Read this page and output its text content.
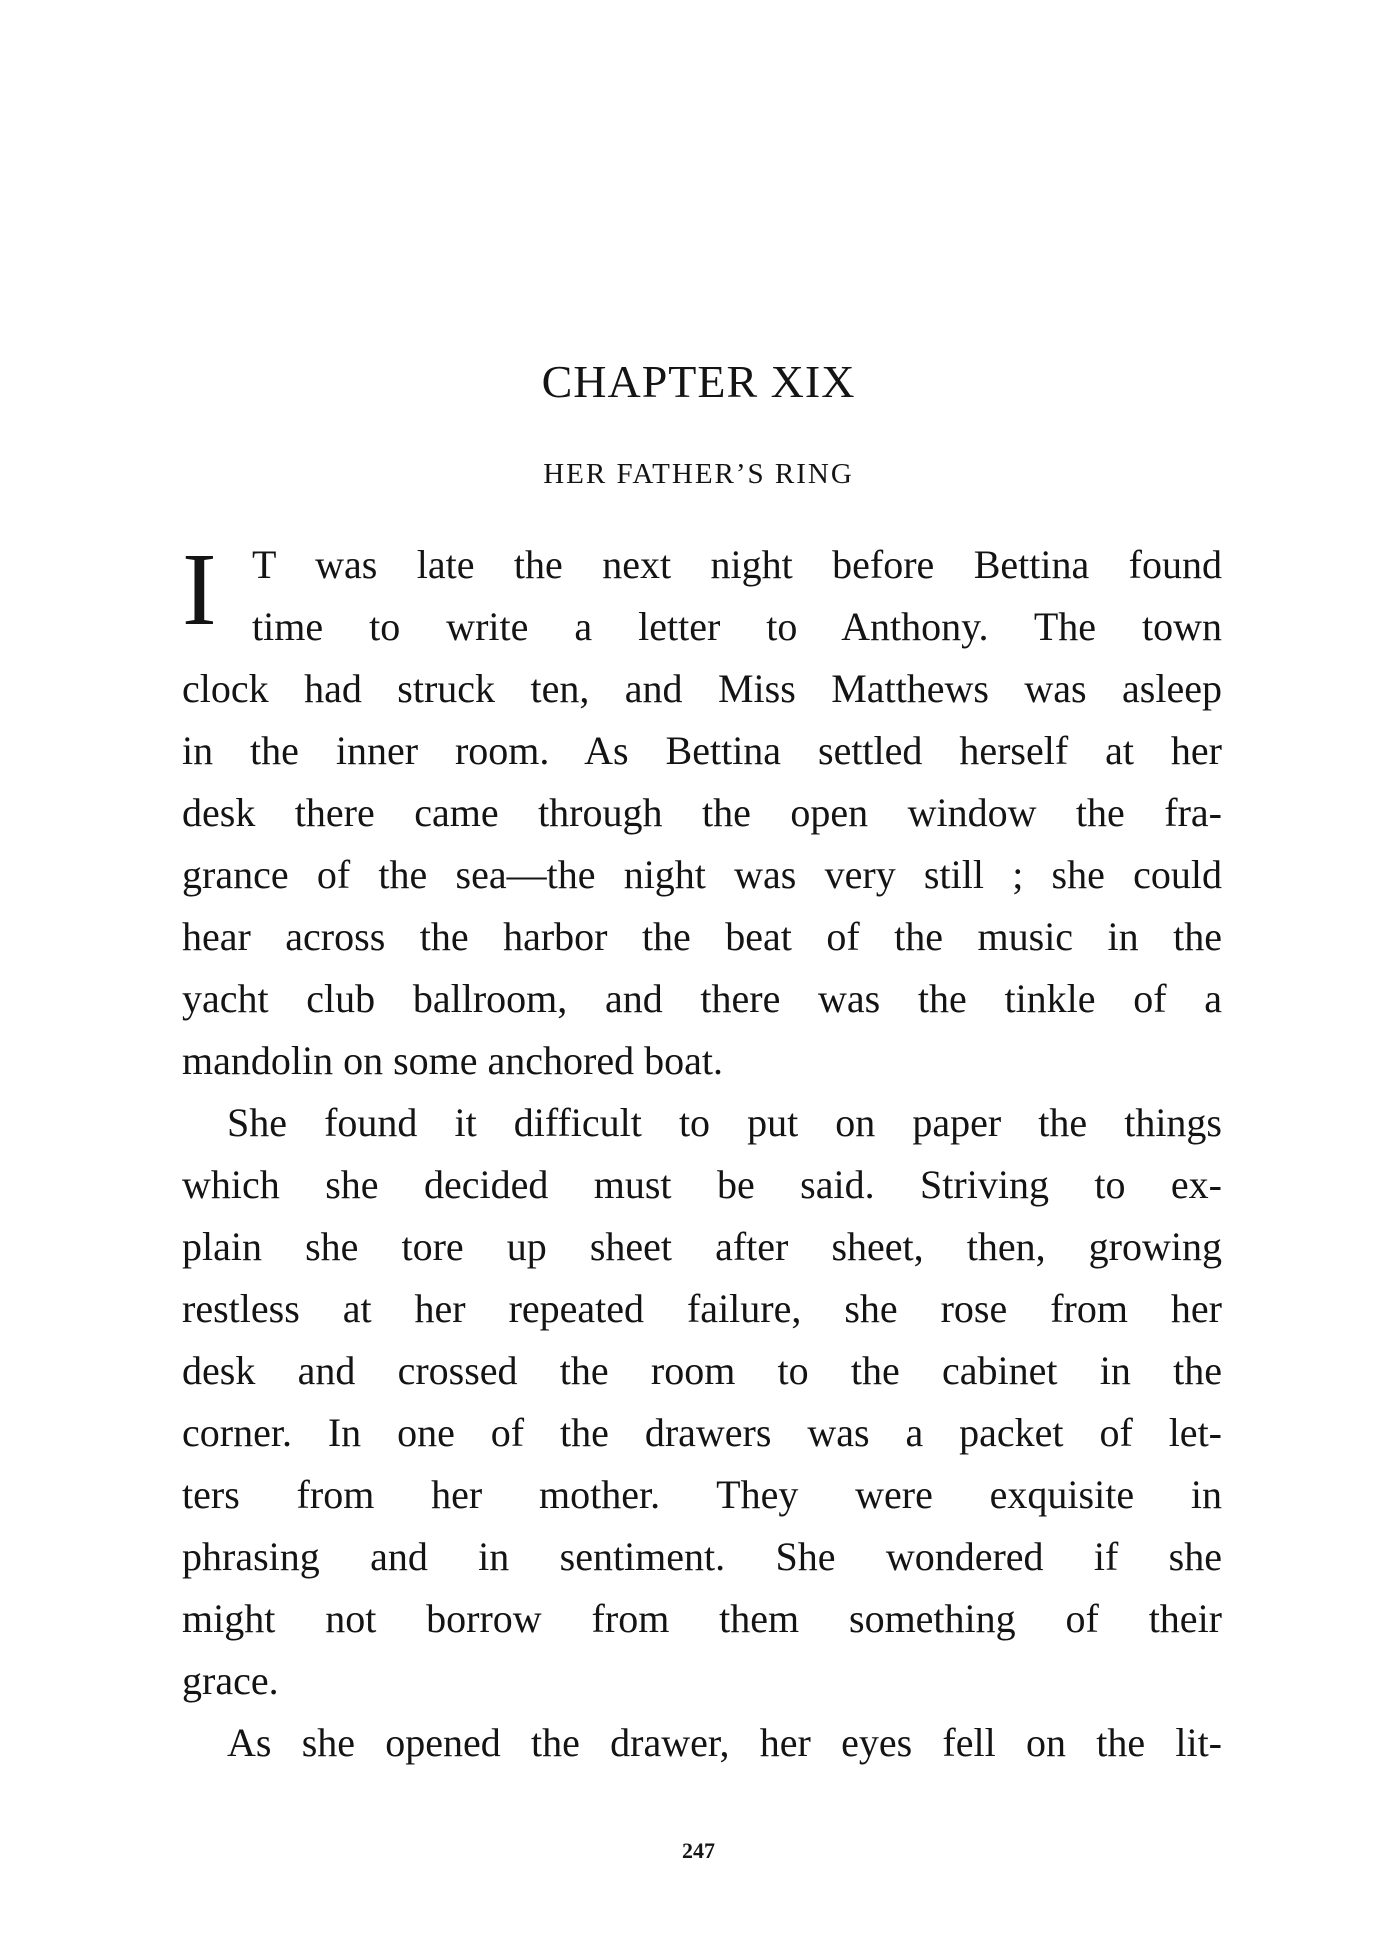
CHAPTER XIX
HER FATHER’S RING
I T was late the next night before Bettina found
time to write a letter to Anthony. The town
clock had struck ten, and Miss Matthews was asleep
in the inner room. As Bettina settled herself at her
desk there came through the open window the fra-
grance of the sea—the night was very still ; she could
hear across the harbor the beat of the music in the
yacht club ballroom, and there was the tinkle of a
mandolin on some anchored boat.
She found it difficult to put on paper the things
which she decided must be said. Striving to ex-
plain she tore up sheet after sheet, then, growing
restless at her repeated failure, she rose from her
desk and crossed the room to the cabinet in the
corner. In one of the drawers was a packet of let-
ters from her mother. They were exquisite in
phrasing and in sentiment. She wondered if she
might not borrow from them something of their
grace.
As she opened the drawer, her eyes fell on the lit-
247
